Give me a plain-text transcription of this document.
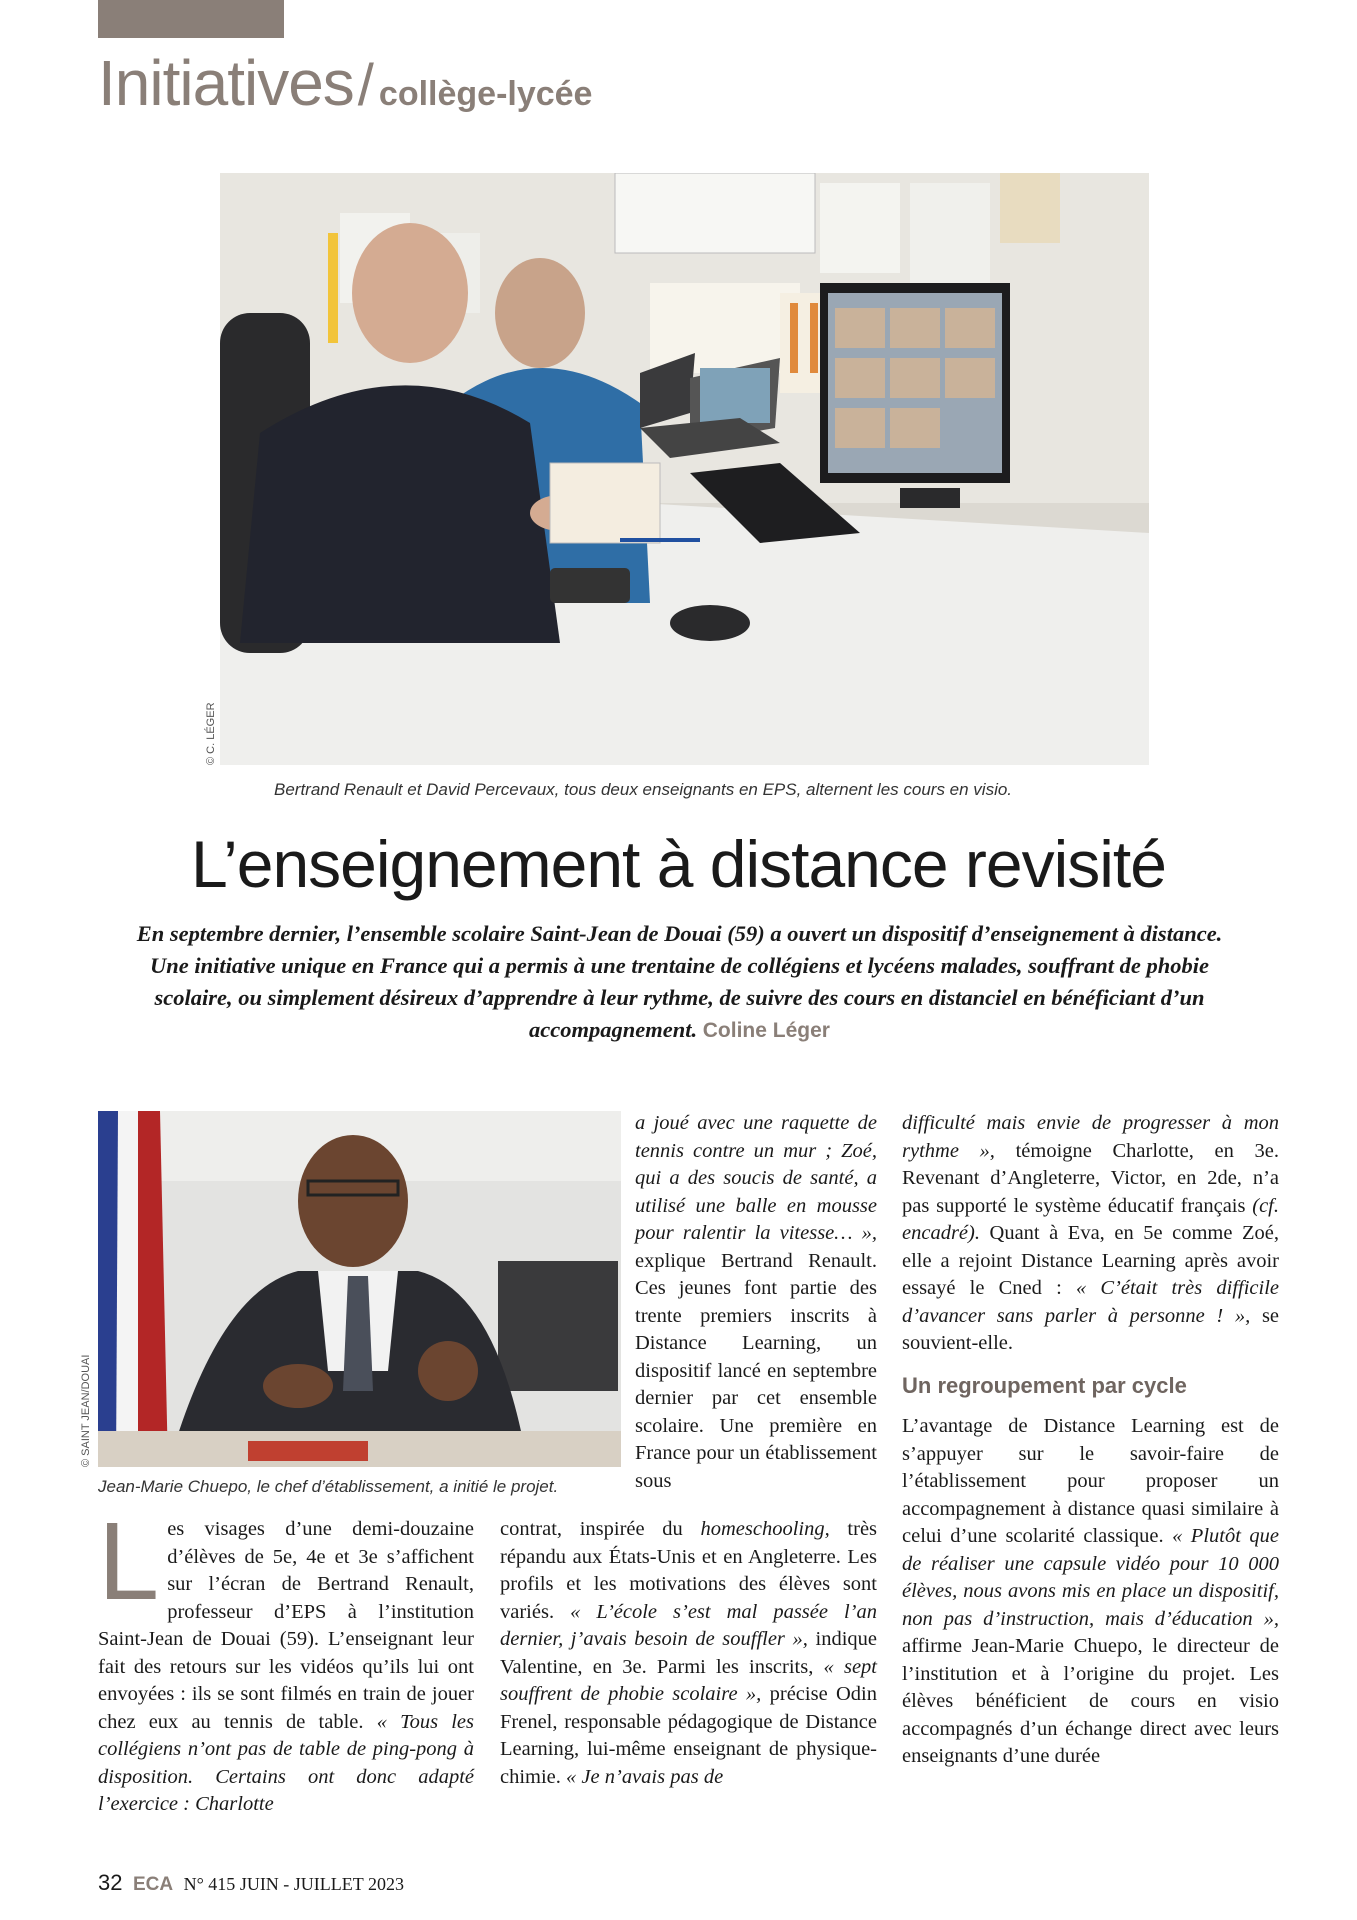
Initiatives/ collège-lycée
© C. LÉGER
Bertrand Renault et David Percevaux, tous deux enseignants en EPS, alternent les cours en visio.
L’enseignement à distance revisité
En septembre dernier, l’ensemble scolaire Saint-Jean de Douai (59) a ouvert un dispositif d’enseignement à distance. Une initiative unique en France qui a permis à une trentaine de collégiens et lycéens malades, souffrant de phobie scolaire, ou simplement désireux d’apprendre à leur rythme, de suivre des cours en distanciel en bénéficiant d’un accompagnement. Coline Léger
© SAINT JEAN/DOUAI
Jean-Marie Chuepo, le chef d’établissement, a initié le projet.
L es visages d’une demi-douzaine d’élèves de 5e, 4e et 3e s’affichent sur l’écran de Bertrand Renault, professeur d’EPS à l’institution Saint-Jean de Douai (59). L’enseignant leur fait des retours sur les vidéos qu’ils lui ont envoyées : ils se sont filmés en train de jouer chez eux au tennis de table. « Tous les collégiens n’ont pas de table de ping-pong à disposition. Certains ont donc adapté l’exercice : Charlotte
a joué avec une raquette de tennis contre un mur ; Zoé, qui a des soucis de santé, a utilisé une balle en mousse pour ralentir la vitesse… », explique Bertrand Renault. Ces jeunes font partie des trente premiers inscrits à Distance Learning, un dispositif lancé en septembre dernier par cet ensemble scolaire. Une première en France pour un établissement sous
contrat, inspirée du homeschooling, très répandu aux États-Unis et en Angleterre. Les profils et les motivations des élèves sont variés. « L’école s’est mal passée l’an dernier, j’avais besoin de souffler », indique Valentine, en 3e. Parmi les inscrits, « sept souffrent de phobie scolaire », précise Odin Frenel, responsable pédagogique de Distance Learning, lui-même enseignant de physique-chimie. « Je n’avais pas de
difficulté mais envie de progresser à mon rythme », témoigne Charlotte, en 3e. Revenant d’Angleterre, Victor, en 2de, n’a pas supporté le système éducatif français (cf. encadré). Quant à Eva, en 5e comme Zoé, elle a rejoint Distance Learning après avoir essayé le Cned : « C’était très difficile d’avancer sans parler à personne ! », se souvient-elle.
Un regroupement par cycle
L’avantage de Distance Learning est de s’appuyer sur le savoir-faire de l’établissement pour proposer un accompagnement à distance quasi similaire à celui d’une scolarité classique. « Plutôt que de réaliser une capsule vidéo pour 10 000 élèves, nous avons mis en place un dispositif, non pas d’instruction, mais d’éducation », affirme Jean-Marie Chuepo, le directeur de l’institution et à l’origine du projet. Les élèves bénéficient de cours en visio accompagnés d’un échange direct avec leurs enseignants d’une durée
32 ECA N° 415 JUIN - JUILLET 2023
